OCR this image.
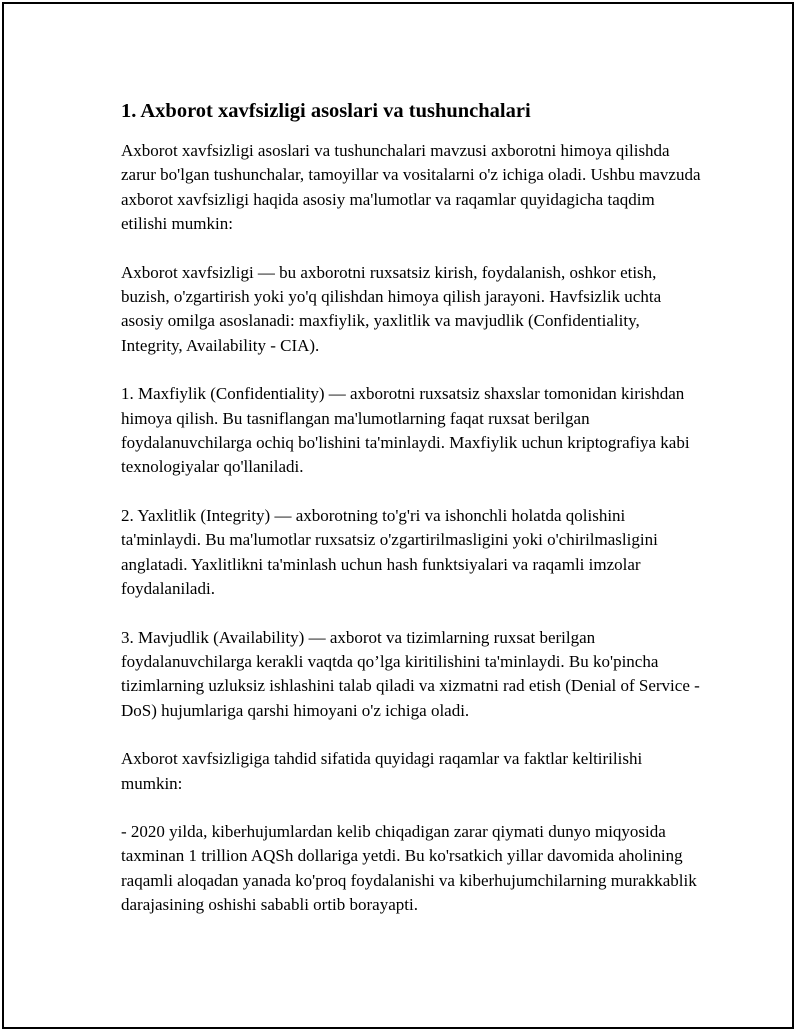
1. Axborot xavfsizligi asoslari va tushunchalari

Axborot xavfsizligi asoslari va tushunchalari mavzusi axborotni himoya qilishda zarur bo'lgan tushunchalar, tamoyillar va vositalarni o'z ichiga oladi. Ushbu mavzuda axborot xavfsizligi haqida asosiy ma'lumotlar va raqamlar quyidagicha taqdim etilishi mumkin:

Axborot xavfsizligi — bu axborotni ruxsatsiz kirish, foydalanish, oshkor etish, buzish, o'zgartirish yoki yo'q qilishdan himoya qilish jarayoni. Havfsizlik uchta asosiy omilga asoslanadi: maxfiylik, yaxlitlik va mavjudlik (Confidentiality, Integrity, Availability - CIA).

1. Maxfiylik (Confidentiality) — axborotni ruxsatsiz shaxslar tomonidan kirishdan himoya qilish. Bu tasniflangan ma'lumotlarning faqat ruxsat berilgan foydalanuvchilarga ochiq bo'lishini ta'minlaydi. Maxfiylik uchun kriptografiya kabi texnologiyalar qo'llaniladi.

2. Yaxlitlik (Integrity) — axborotning to'g'ri va ishonchli holatda qolishini ta'minlaydi. Bu ma'lumotlar ruxsatsiz o'zgartirilmasligini yoki o'chirilmasligini anglatadi. Yaxlitlikni ta'minlash uchun hash funktsiyalari va raqamli imzolar foydalaniladi.

3. Mavjudlik (Availability) — axborot va tizimlarning ruxsat berilgan foydalanuvchilarga kerakli vaqtda qo’lga kiritilishini ta'minlaydi. Bu ko'pincha tizimlarning uzluksiz ishlashini talab qiladi va xizmatni rad etish (Denial of Service - DoS) hujumlariga qarshi himoyani o'z ichiga oladi.

Axborot xavfsizligiga tahdid sifatida quyidagi raqamlar va faktlar keltirilishi mumkin:

- 2020 yilda, kiberhujumlardan kelib chiqadigan zarar qiymati dunyo miqyosida taxminan 1 trillion AQSh dollariga yetdi. Bu ko'rsatkich yillar davomida aholining raqamli aloqadan yanada ko'proq foydalanishi va kiberhujumchilarning murakkablik darajasining oshishi sababli ortib borayapti.
